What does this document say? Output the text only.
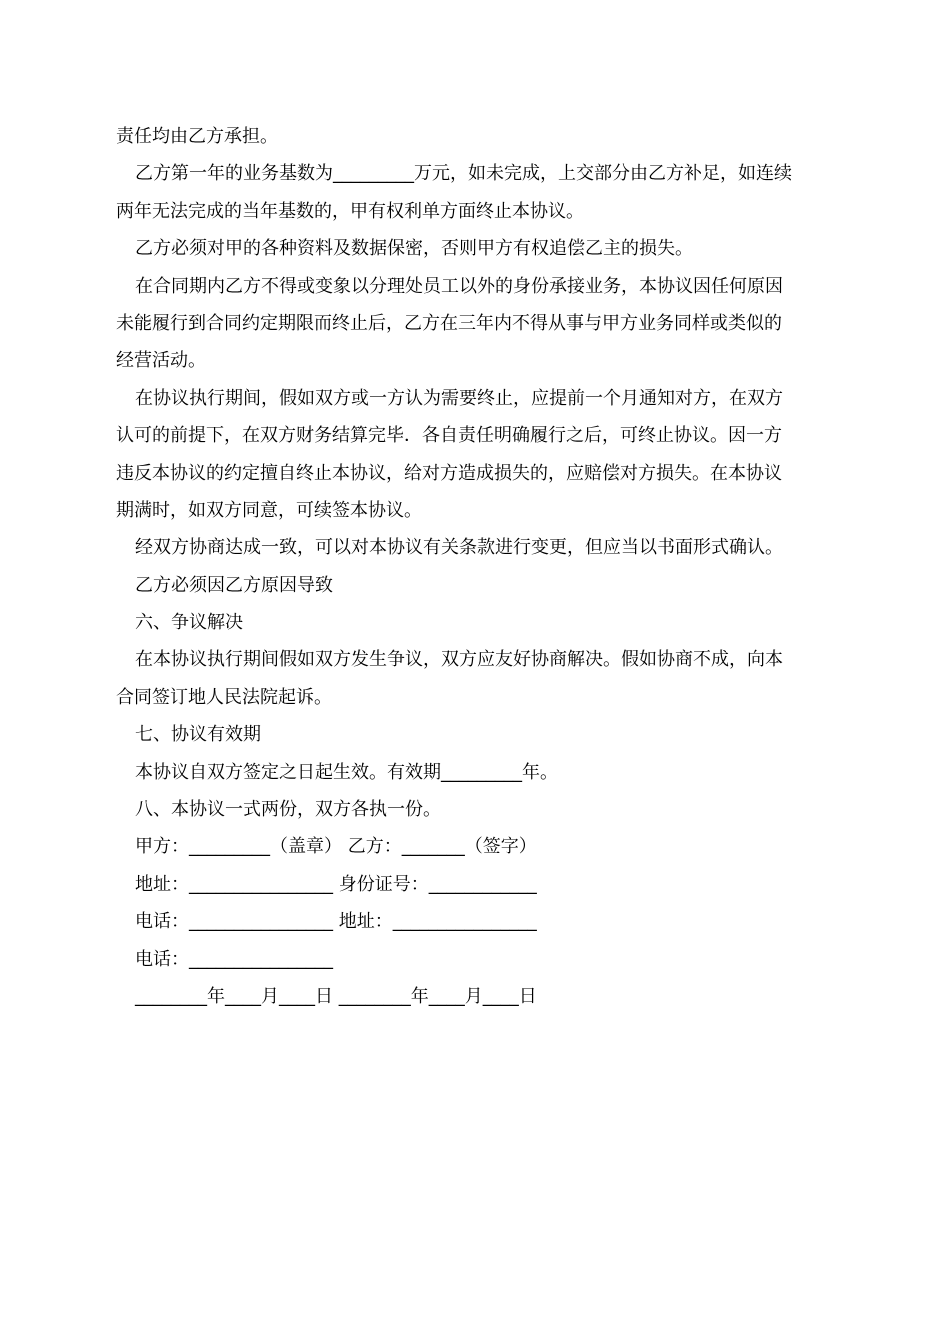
责任均由乙方承担。

乙方第一年的业务基数为_________万元，如未完成，上交部分由乙方补足，如连续

两年无法完成的当年基数的，甲有权利单方面终止本协议。

乙方必须对甲的各种资料及数据保密，否则甲方有权追偿乙主的损失。

在合同期内乙方不得或变象以分理处员工以外的身份承接业务，本协议因任何原因

未能履行到合同约定期限而终止后，乙方在三年内不得从事与甲方业务同样或类似的

经营活动。

在协议执行期间，假如双方或一方认为需要终止，应提前一个月通知对方，在双方

认可的前提下，在双方财务结算完毕．各自责任明确履行之后，可终止协议。因一方

违反本协议的约定擅自终止本协议，给对方造成损失的，应赔偿对方损失。在本协议

期满时，如双方同意，可续签本协议。

经双方协商达成一致，可以对本协议有关条款进行变更，但应当以书面形式确认。

乙方必须因乙方原因导致

六、争议解决

在本协议执行期间假如双方发生争议，双方应友好协商解决。假如协商不成，向本

合同签订地人民法院起诉。

七、协议有效期

本协议自双方签定之日起生效。有效期_________年。

八、本协议一式两份，双方各执一份。

甲方：_________（盖章） 乙方：_______（签字）

地址：________________ 身份证号：____________

电话：________________ 地址：________________

电话：________________

________年____月____日 ________年____月____日
